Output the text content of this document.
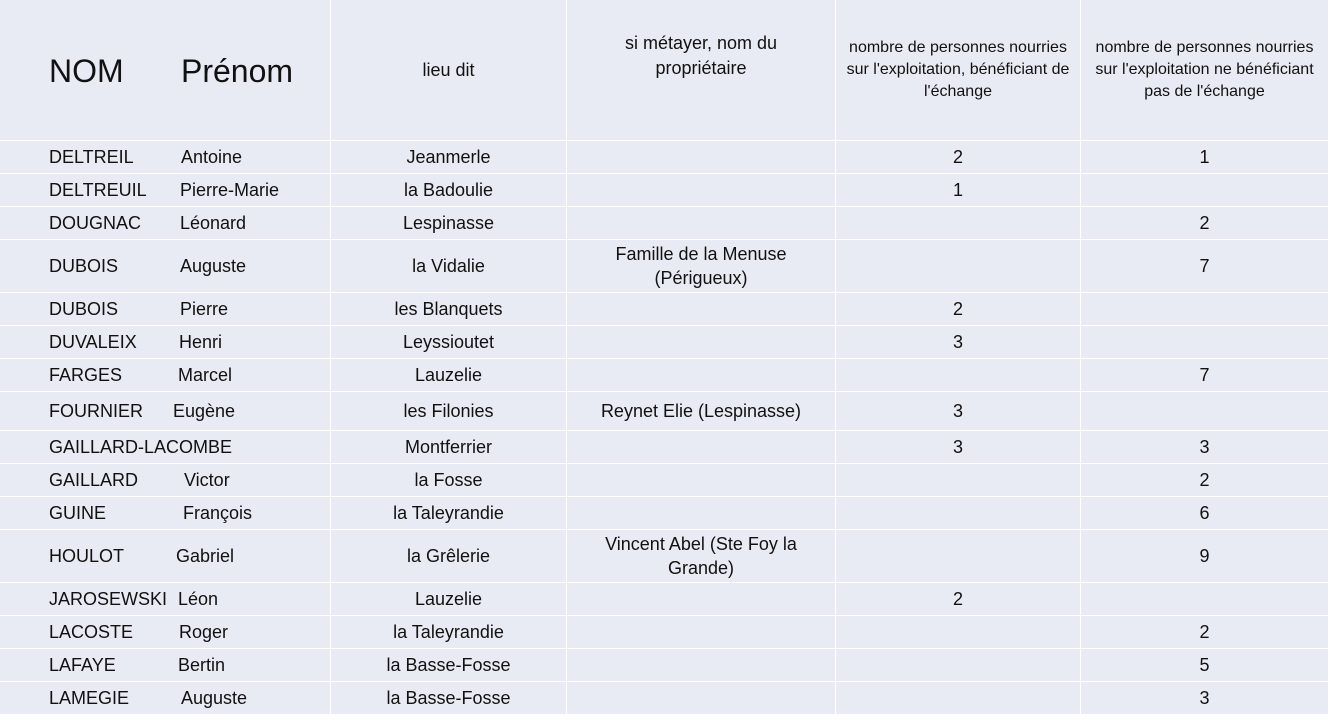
NOM Prénom	lieu dit	si métayer, nom du propriétaire	nombre de personnes nourries sur l'exploitation, bénéficiant de l'échange	nombre de personnes nourries sur l'exploitation ne bénéficiant pas de l'échange

DELTREIL Antoine	Jeanmerle		2	1

DELTREUIL Pierre-Marie	la Badoulie		1	

DOUGNAC Léonard	Lespinasse			2

DUBOIS Auguste	la Vidalie	Famille de la Menuse (Périgueux)		7

DUBOIS Pierre	les Blanquets		2	

DUVALEIX Henri	Leyssioutet		3	

FARGES Marcel	Lauzelie			7

FOURNIER Eugène	les Filonies	Reynet Elie (Lespinasse)	3	

GAILLARD-LACOMBE	Montferrier		3	3

GAILLARD Victor	la Fosse			2

GUINE François	la Taleyrandie			6

HOULOT Gabriel	la Grêlerie	Vincent Abel (Ste Foy la Grande)		9

JAROSEWSKI Léon	Lauzelie		2	

LACOSTE Roger	la Taleyrandie			2

LAFAYE Bertin	la Basse-Fosse			5

LAMEGIE Auguste	la Basse-Fosse			3
